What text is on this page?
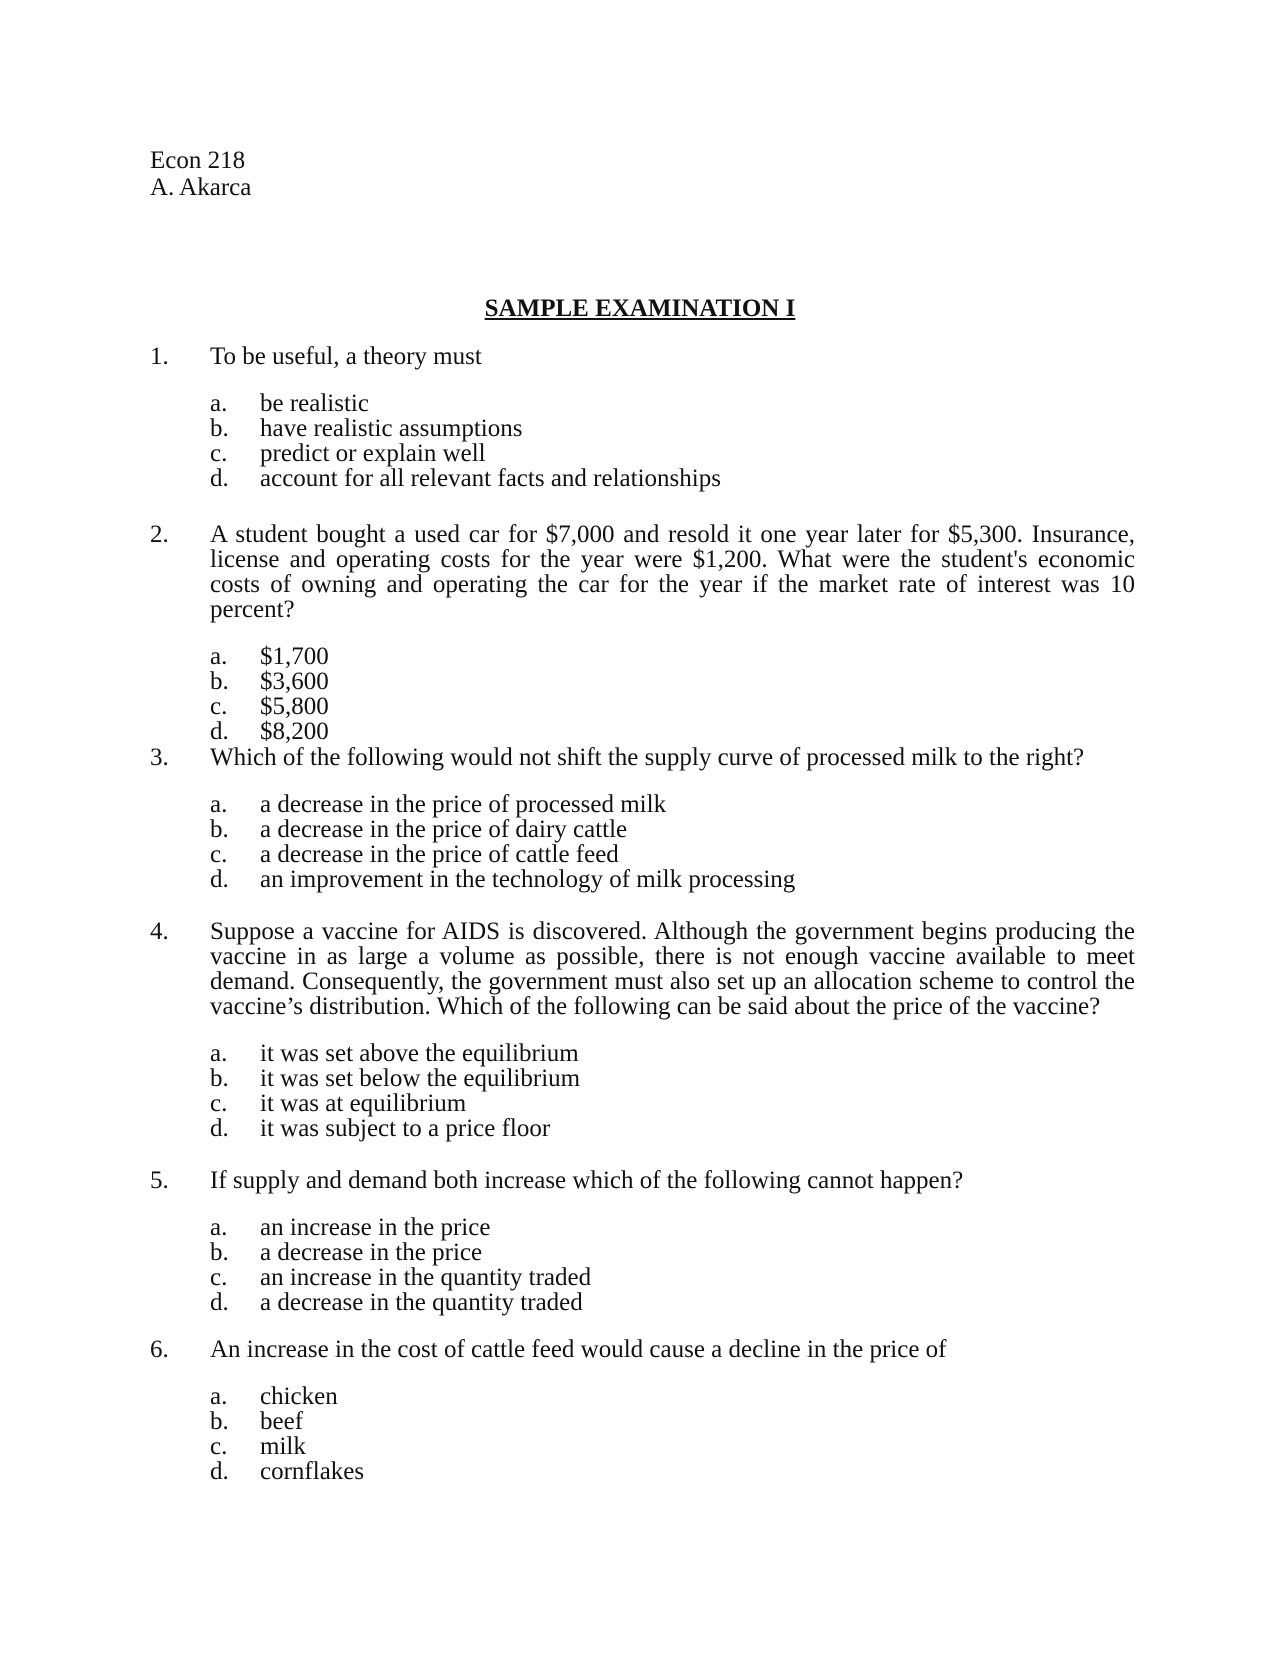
Econ 218
A. Akarca
SAMPLE EXAMINATION I
1.	To be useful, a theory must
a.	be realistic
b.	have realistic assumptions
c.	predict or explain well
d.	account for all relevant facts and relationships
2.	A student bought a used car for $7,000 and resold it one year later for $5,300. Insurance, license and operating costs for the year were $1,200. What were the student's economic costs of owning and operating the car for the year if the market rate of interest was 10 percent?
a.	$1,700
b.	$3,600
c.	$5,800
d.	$8,200
3.	Which of the following would not shift the supply curve of processed milk to the right?
a.	a decrease in the price of processed milk
b.	a decrease in the price of dairy cattle
c.	a decrease in the price of cattle feed
d.	an improvement in the technology of milk processing
4.	Suppose a vaccine for AIDS is discovered. Although the government begins producing the vaccine in as large a volume as possible, there is not enough vaccine available to meet demand. Consequently, the government must also set up an allocation scheme to control the vaccine’s distribution. Which of the following can be said about the price of the vaccine?
a.	it was set above the equilibrium
b.	it was set below the equilibrium
c.	it was at equilibrium
d.	it was subject to a price floor
5.	If supply and demand both increase which of the following cannot happen?
a.	an increase in the price
b.	a decrease in the price
c.	an increase in the quantity traded
d.	a decrease in the quantity traded
6.	An increase in the cost of cattle feed would cause a decline in the price of
a.	chicken
b.	beef
c.	milk
d.	cornflakes
